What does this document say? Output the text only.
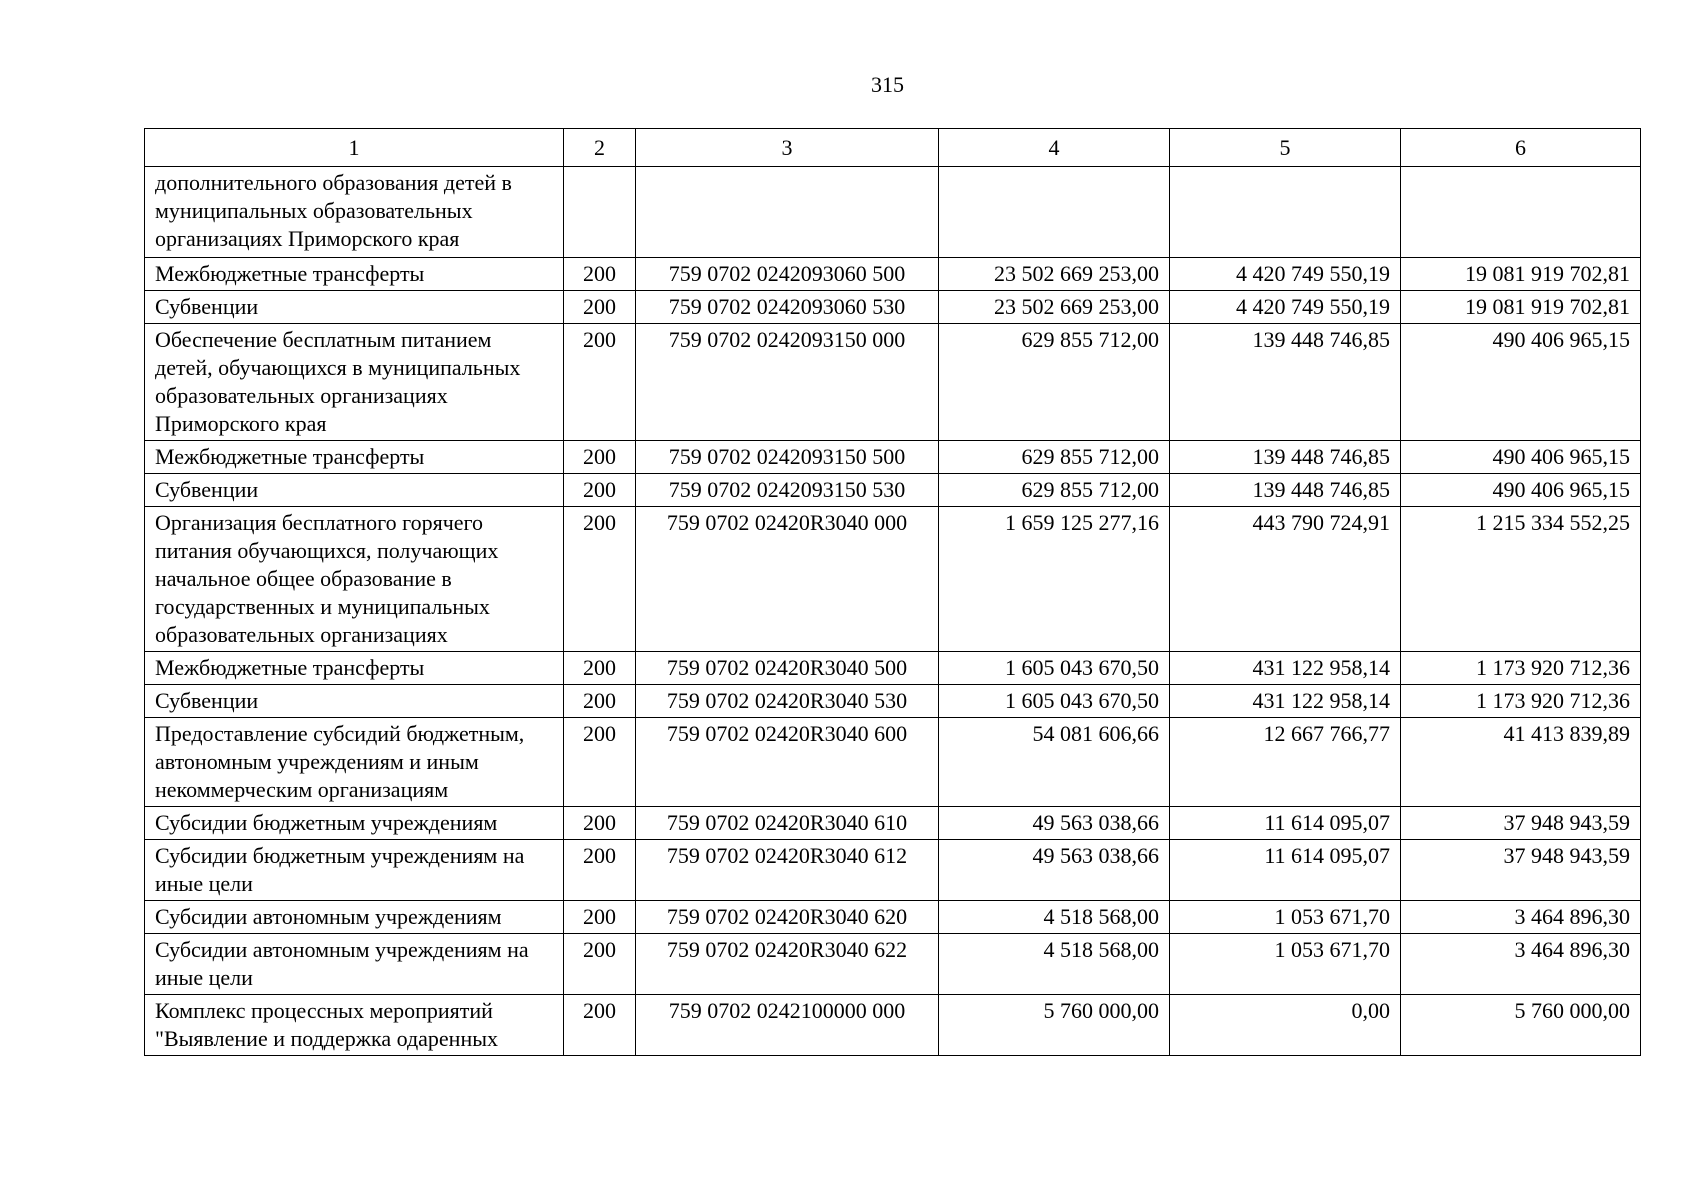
315
1	2	3	4	5	6
дополнительного образования детей в муниципальных образовательных организациях Приморского края					
Межбюджетные трансферты	200	759 0702 0242093060 500	23 502 669 253,00	4 420 749 550,19	19 081 919 702,81
Субвенции	200	759 0702 0242093060 530	23 502 669 253,00	4 420 749 550,19	19 081 919 702,81
Обеспечение бесплатным питанием детей, обучающихся в муниципальных образовательных организациях Приморского края	200	759 0702 0242093150 000	629 855 712,00	139 448 746,85	490 406 965,15
Межбюджетные трансферты	200	759 0702 0242093150 500	629 855 712,00	139 448 746,85	490 406 965,15
Субвенции	200	759 0702 0242093150 530	629 855 712,00	139 448 746,85	490 406 965,15
Организация бесплатного горячего питания обучающихся, получающих начальное общее образование в государственных и муниципальных образовательных организациях	200	759 0702 02420R3040 000	1 659 125 277,16	443 790 724,91	1 215 334 552,25
Межбюджетные трансферты	200	759 0702 02420R3040 500	1 605 043 670,50	431 122 958,14	1 173 920 712,36
Субвенции	200	759 0702 02420R3040 530	1 605 043 670,50	431 122 958,14	1 173 920 712,36
Предоставление субсидий бюджетным, автономным учреждениям и иным некоммерческим организациям	200	759 0702 02420R3040 600	54 081 606,66	12 667 766,77	41 413 839,89
Субсидии бюджетным учреждениям	200	759 0702 02420R3040 610	49 563 038,66	11 614 095,07	37 948 943,59
Субсидии бюджетным учреждениям на иные цели	200	759 0702 02420R3040 612	49 563 038,66	11 614 095,07	37 948 943,59
Субсидии автономным учреждениям	200	759 0702 02420R3040 620	4 518 568,00	1 053 671,70	3 464 896,30
Субсидии автономным учреждениям на иные цели	200	759 0702 02420R3040 622	4 518 568,00	1 053 671,70	3 464 896,30
Комплекс процессных мероприятий "Выявление и поддержка одаренных	200	759 0702 0242100000 000	5 760 000,00	0,00	5 760 000,00
